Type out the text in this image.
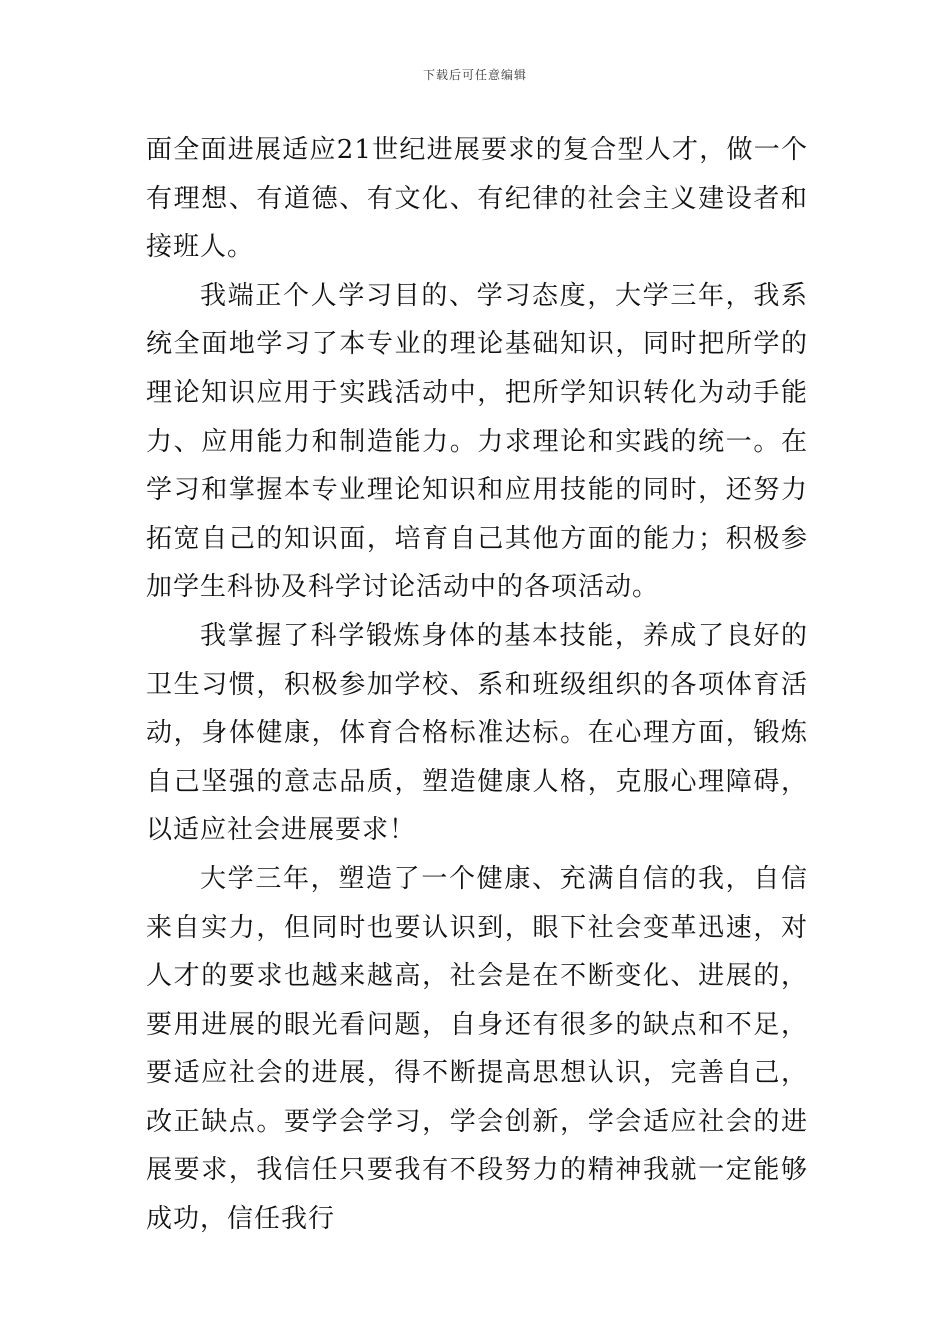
下载后可任意编辑

面全面进展适应21世纪进展要求的复合型人才，做一个有理想、有道德、有文化、有纪律的社会主义建设者和接班人。

我端正个人学习目的、学习态度，大学三年，我系统全面地学习了本专业的理论基础知识，同时把所学的理论知识应用于实践活动中，把所学知识转化为动手能力、应用能力和制造能力。力求理论和实践的统一。在学习和掌握本专业理论知识和应用技能的同时，还努力拓宽自己的知识面，培育自己其他方面的能力；积极参加学生科协及科学讨论活动中的各项活动。

我掌握了科学锻炼身体的基本技能，养成了良好的卫生习惯，积极参加学校、系和班级组织的各项体育活动，身体健康，体育合格标准达标。在心理方面，锻炼自己坚强的意志品质，塑造健康人格，克服心理障碍，以适应社会进展要求！

大学三年，塑造了一个健康、充满自信的我，自信来自实力，但同时也要认识到，眼下社会变革迅速，对人才的要求也越来越高，社会是在不断变化、进展的，要用进展的眼光看问题，自身还有很多的缺点和不足，要适应社会的进展，得不断提高思想认识，完善自己，改正缺点。要学会学习，学会创新，学会适应社会的进展要求，我信任只要我有不段努力的精神我就一定能够成功，信任我行
